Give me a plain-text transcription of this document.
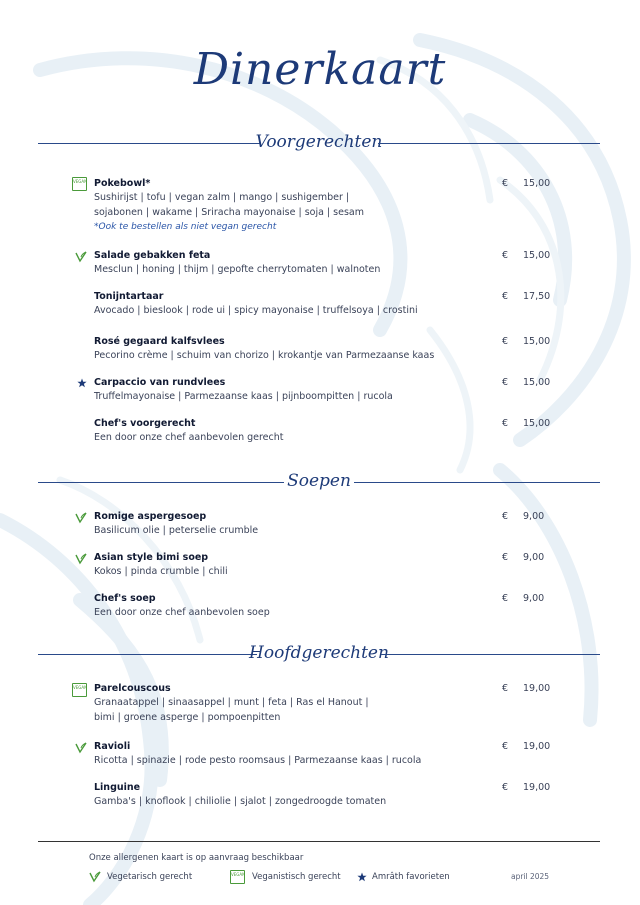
Dinerkaart
Voorgerechten
VEGAN Pokebowl*
Sushirijst | tofu | vegan zalm | mango | sushigember |
sojabonen | wakame | Sriracha mayonaise | soja | sesam
*Ook te bestellen als niet vegan gerecht
€ 15,00
Salade gebakken feta
Mesclun | honing | thijm | gepofte cherrytomaten | walnoten
€ 15,00
Tonijntartaar
Avocado | bieslook | rode ui | spicy mayonaise | truffelsoya | crostini
€ 17,50
Rosé gegaard kalfsvlees
Pecorino crème | schuim van chorizo | krokantje van Parmezaanse kaas
€ 15,00
Carpaccio van rundvlees
Truffelmayonaise | Parmezaanse kaas | pijnboompitten | rucola
€ 15,00
Chef's voorgerecht
Een door onze chef aanbevolen gerecht
€ 15,00
Soepen
Romige aspergesoep
Basilicum olie | peterselie crumble
€ 9,00
Asian style bimi soep
Kokos | pinda crumble | chili
€ 9,00
Chef's soep
Een door onze chef aanbevolen soep
€ 9,00
Hoofdgerechten
VEGAN Parelcouscous
Granaatappel | sinaasappel | munt | feta | Ras el Hanout |
bimi | groene asperge | pompoenpitten
€ 19,00
Ravioli
Ricotta | spinazie | rode pesto roomsaus | Parmezaanse kaas | rucola
€ 19,00
Linguine
Gamba's | knoflook | chiliolie | sjalot | zongedroogde tomaten
€ 19,00
Onze allergenen kaart is op aanvraag beschikbaar
Vegetarisch gerecht	VEGAN Veganistisch gerecht	Amrâth favorieten	april 2025
